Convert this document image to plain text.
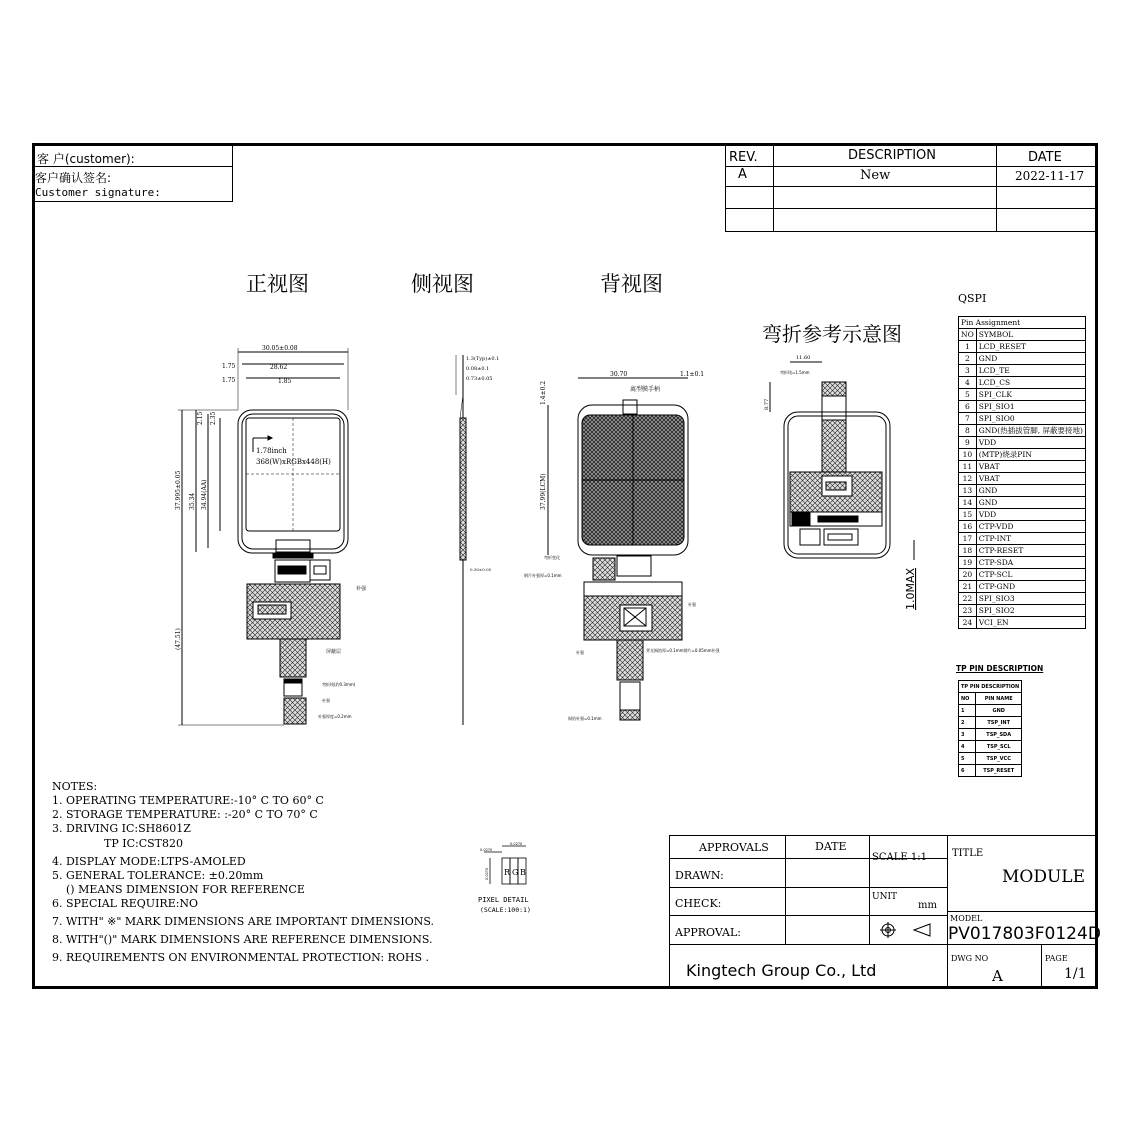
客 户(customer):
客户确认签名:
Customer signature:
REV.	DESCRIPTION	DATE
A	New	2022-11-17
正视图	侧视图	背视图
弯折参考示意图
1.78inch
368(W)xRGBx448(H)
30.05±0.08
28.62
1.85
1.75
1.75
37.995±0.05 35.34 34.94(AA)
2.15 2.35
(47.51)
补强
屏蔽层
弯折线(约0.3mm)
补强
补强厚度=0.2mm
1.3(Typ)±0.1
0.08±0.1
0.73±0.05
0.30±0.05
30.70	1.1±0.1
1.4±0.2
37.99(LCM)
离型膜手柄
弯折变化
钢片补强厚=0.1mm
补强
补强	背光铜箔厚=0.1mm钢片=0.05mm补强
铜箔补强=0.1mm
11.60
弯折线=1.5mm
8.77
1.0MAX
QSPI
Pin Assignment	
NO	SYMBOL
1	LCD_RESET
2	GND
3	LCD_TE
4	LCD_CS
5	SPI_CLK
6	SPI_SIO1
7	SPI_SIO0
8	GND(热插拔管脚, 屏蔽要接地)
9	VDD
10	(MTP)烧录PIN
11	VBAT
12	VBAT
13	GND
14	GND
15	VDD
16	CTP-VDD
17	CTP-INT
18	CTP-RESET
19	CTP-SDA
20	CTP-SCL
21	CTP-GND
22	SPI_SIO3
23	SPI_SIO2
24	VCI_EN
TP PIN DESCRIPTION
TP PIN DESCRIPTION	
NO	PIN NAME
1	GND
2	TSP_INT
3	TSP_SDA
4	TSP_SCL
5	TSP_VCC
6	TSP_RESET
NOTES:
1. OPERATING TEMPERATURE:-10° C TO 60° C
2. STORAGE TEMPERATURE: :-20° C TO 70° C
3. DRIVING IC:SH8601Z
TP IC:CST820
4. DISPLAY MODE:LTPS-AMOLED
5. GENERAL TOLERANCE: ±0.20mm
() MEANS DIMENSION FOR REFERENCE
6. SPECIAL REQUIRE:NO
7. WITH" ※" MARK DIMENSIONS ARE IMPORTANT DIMENSIONS.
8. WITH"()" MARK DIMENSIONS ARE REFERENCE DIMENSIONS.
9. REQUIREMENTS ON ENVIRONMENTAL PROTECTION: ROHS .
R G B
0.0270
0.0270
0.0270
PIXEL DETAIL
(SCALE:100:1)
APPROVALS	DATE
SCALE 1:1	TITLE
MODULE
DRAWN:
CHECK:	UNIT
mm
APPROVAL:
MODEL
PV017803F0124D
Kingtech Group Co., Ltd
DWG NO
A
PAGE
1/1
